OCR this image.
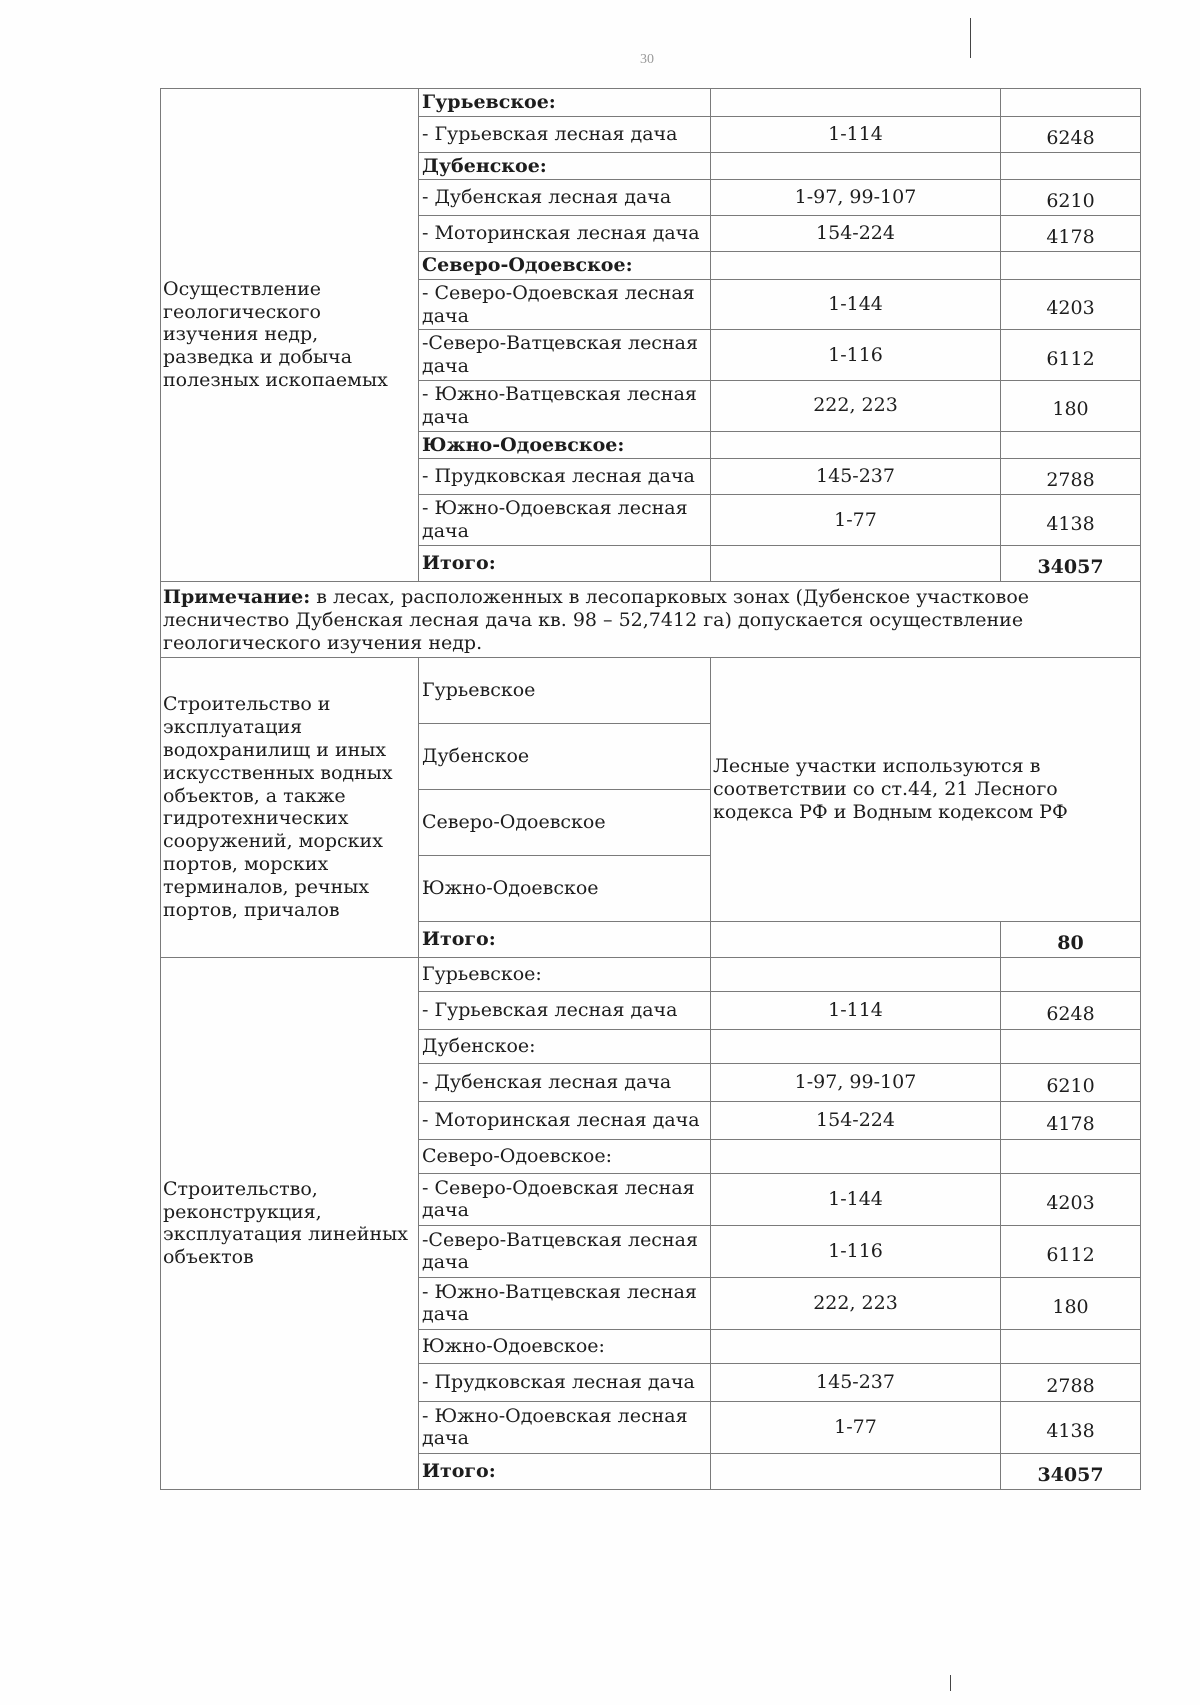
30
Осуществление геологического изучения недр, разведка и добыча полезных ископаемых	Гурьевское:		
	- Гурьевская лесная дача	1-114	6248
	Дубенское:		
	- Дубенская лесная дача	1-97, 99-107	6210
	- Моторинская лесная дача	154-224	4178
	Северо-Одоевское:		
	- Северо-Одоевская лесная дача	1-144	4203
	-Северо-Ватцевская лесная дача	1-116	6112
	- Южно-Ватцевская лесная дача	222, 223	180
	Южно-Одоевское:		
	- Прудковская лесная дача	145-237	2788
	- Южно-Одоевская лесная дача	1-77	4138
	Итого:		34057
Примечание: в лесах, расположенных в лесопарковых зонах (Дубенское участковое лесничество Дубенская лесная дача кв. 98 – 52,7412 га) допускается осуществление геологического изучения недр.			
Строительство и эксплуатация водохранилищ и иных искусственных водных объектов, а также гидротехнических сооружений, морских портов, морских терминалов, речных портов, причалов	Гурьевское	Лесные участки используются в соответствии со ст.44, 21 Лесного кодекса РФ и Водным кодексом РФ	
	Дубенское		
	Северо-Одоевское		
	Южно-Одоевское		
	Итого:		80
Строительство, реконструкция, эксплуатация линейных объектов	Гурьевское:		
	- Гурьевская лесная дача	1-114	6248
	Дубенское:		
	- Дубенская лесная дача	1-97, 99-107	6210
	- Моторинская лесная дача	154-224	4178
	Северо-Одоевское:		
	- Северо-Одоевская лесная дача	1-144	4203
	-Северо-Ватцевская лесная дача	1-116	6112
	- Южно-Ватцевская лесная дача	222, 223	180
	Южно-Одоевское:		
	- Прудковская лесная дача	145-237	2788
	- Южно-Одоевская лесная дача	1-77	4138
	Итого:		34057
